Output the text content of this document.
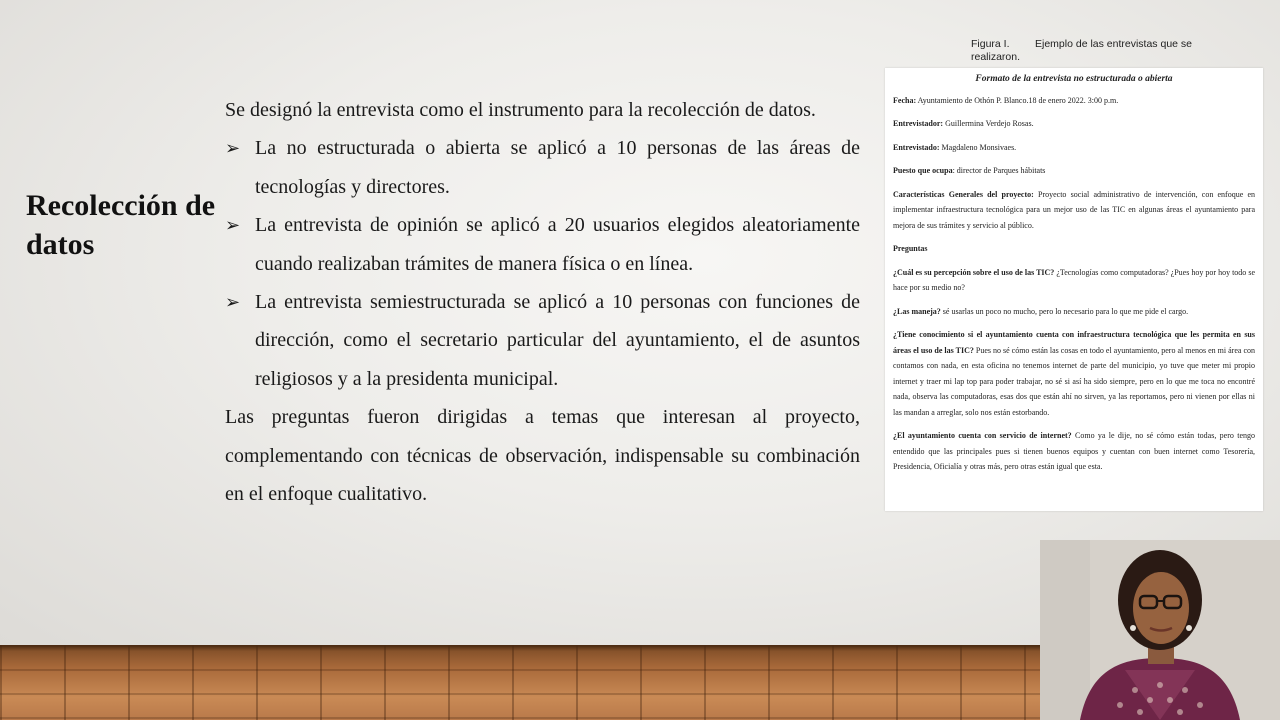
Recolección de datos

Se designó la entrevista como el instrumento para la recolección de datos.

➢ La no estructurada o abierta se aplicó a 10 personas de las áreas de tecnologías y directores.
➢ La entrevista de opinión se aplicó a 20 usuarios elegidos aleatoriamente cuando realizaban trámites de manera física o en línea.
➢ La entrevista semiestructurada se aplicó a 10 personas con funciones de dirección, como el secretario particular del ayuntamiento, el de asuntos religiosos y a la presidenta municipal.

Las preguntas fueron dirigidas a temas que interesan al proyecto, complementando con técnicas de observación, indispensable su combinación en el enfoque cualitativo.

Figura I. Ejemplo de las entrevistas que se realizaron.
Formato de la entrevista no estructurada o abierta

Fecha: Ayuntamiento de Othón P. Blanco.18 de enero 2022. 3:00 p.m.

Entrevistador: Guillermina Verdejo Rosas.

Entrevistado: Magdaleno Monsivaes.

Puesto que ocupa: director de Parques hábitats

Características Generales del proyecto: Proyecto social administrativo de intervención, con enfoque en implementar infraestructura tecnológica para un mejor uso de las TIC en algunas áreas el ayuntamiento para mejora de sus trámites y servicio al público.

Preguntas

¿Cuál es su percepción sobre el uso de las TIC? ¿Tecnologías como computadoras? ¿Pues hoy por hoy todo se hace por su medio no?

¿Las maneja? sé usarlas un poco no mucho, pero lo necesario para lo que me pide el cargo.

¿Tiene conocimiento si el ayuntamiento cuenta con infraestructura tecnológica que les permita en sus áreas el uso de las TIC? Pues no sé cómo están las cosas en todo el ayuntamiento, pero al menos en mi área con contamos con nada, en esta oficina no tenemos internet de parte del municipio, yo tuve que meter mi propio internet y traer mi lap top para poder trabajar, no sé si así ha sido siempre, pero en lo que me toca no encontré nada, observa las computadoras, esas dos que están ahí no sirven, ya las reportamos, pero ni vienen por ellas ni las mandan a arreglar, solo nos están estorbando.

¿El ayuntamiento cuenta con servicio de internet? Como ya le dije, no sé cómo están todas, pero tengo entendido que las principales pues si tienen buenos equipos y cuentan con buen internet como Tesorería, Presidencia, Oficialía y otras más, pero otras están igual que esta.
